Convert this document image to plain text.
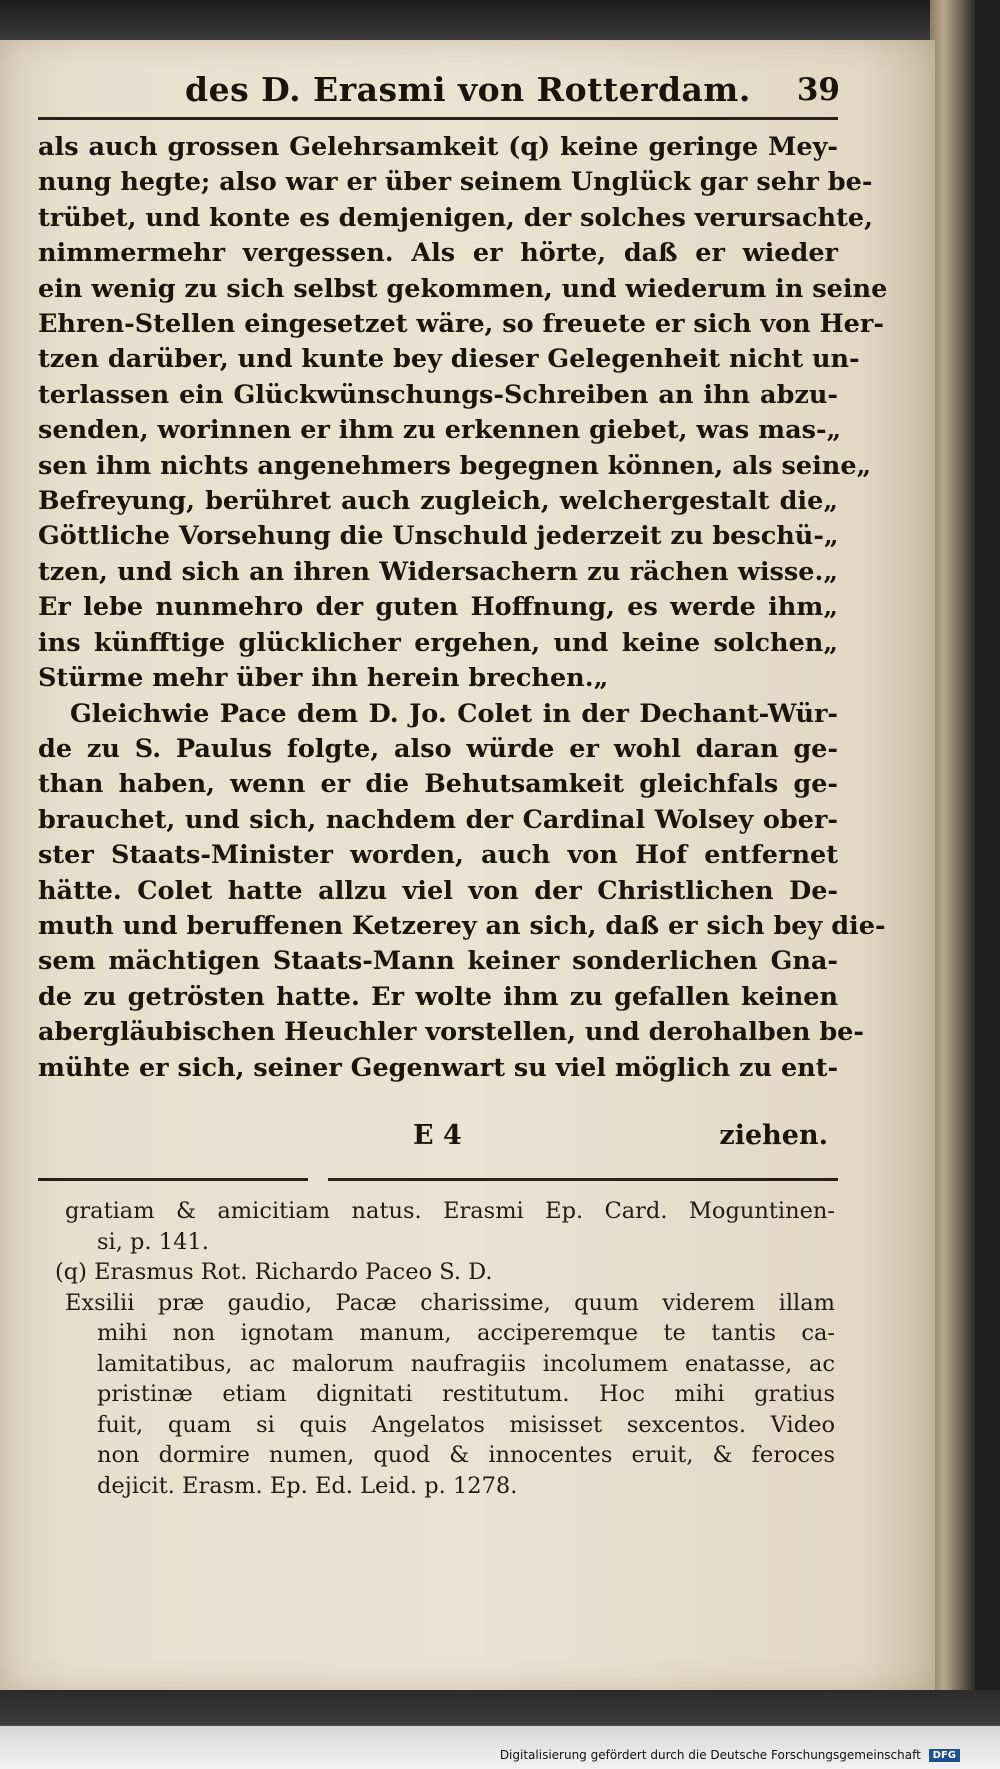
des D. Erasmi von Rotterdam. 39
als auch grossen Gelehrsamkeit (q) keine geringe Mey-
nung hegte; also war er über seinem Unglück gar sehr be-
trübet, und konte es demjenigen, der solches verursachte,
nimmermehr vergessen. Als er hörte, daß er wieder
ein wenig zu sich selbst gekommen, und wiederum in seine
Ehren-Stellen eingesetzet wäre, so freuete er sich von Her-
tzen darüber, und kunte bey dieser Gelegenheit nicht un-
terlassen ein Glückwünschungs-Schreiben an ihn abzu-
senden, worinnen er ihm zu erkennen giebet, was mas-„
sen ihm nichts angenehmers begegnen können, als seine„
Befreyung, berühret auch zugleich, welchergestalt die„
Göttliche Vorsehung die Unschuld jederzeit zu beschü-„
tzen, und sich an ihren Widersachern zu rächen wisse.„
Er lebe nunmehro der guten Hoffnung, es werde ihm„
ins künfftige glücklicher ergehen, und keine solchen„
Stürme mehr über ihn herein brechen.„
Gleichwie Pace dem D. Jo. Colet in der Dechant-Wür-
de zu S. Paulus folgte, also würde er wohl daran ge-
than haben, wenn er die Behutsamkeit gleichfals ge-
brauchet, und sich, nachdem der Cardinal Wolsey ober-
ster Staats-Minister worden, auch von Hof entfernet
hätte. Colet hatte allzu viel von der Christlichen De-
muth und beruffenen Ketzerey an sich, daß er sich bey die-
sem mächtigen Staats-Mann keiner sonderlichen Gna-
de zu getrösten hatte. Er wolte ihm zu gefallen keinen
abergläubischen Heuchler vorstellen, und derohalben be-
mühte er sich, seiner Gegenwart su viel möglich zu ent-
E 4	ziehen.
gratiam & amicitiam natus. Erasmi Ep. Card. Moguntinen-
si, p. 141.
(q) Erasmus Rot. Richardo Paceo S. D.
Exsilii præ gaudio, Pacæ charissime, quum viderem illam
mihi non ignotam manum, acciperemque te tantis ca-
lamitatibus, ac malorum naufragiis incolumem enatasse, ac
pristinæ etiam dignitati restitutum. Hoc mihi gratius
fuit, quam si quis Angelatos misisset sexcentos. Video
non dormire numen, quod & innocentes eruit, & feroces
dejicit. Erasm. Ep. Ed. Leid. p. 1278.
Digitalisierung gefördert durch die Deutsche Forschungsgemeinschaft DFG
